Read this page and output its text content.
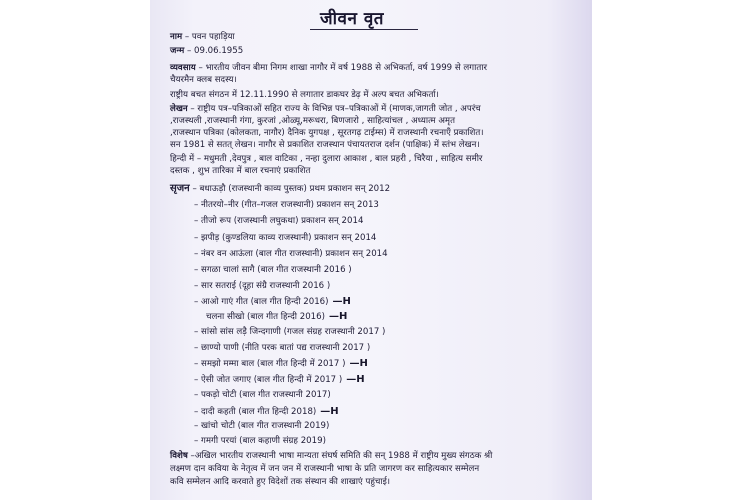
जीवन वृत
नाम – पवन पहाड़िया
जन्म – 09.06.1955
व्यवसाय – भारतीय जीवन बीमा निगम शाखा नागौर में वर्ष 1988 से अभिकर्ता, वर्ष 1999 से लगातार
चैयरमैन क्लब सदस्य।
राष्ट्रीय बचत संगठन में 12.11.1990 से लगातार डाकघर डेढ़ में अल्प बचत अभिकर्ता।
लेखन – राष्ट्रीय पत्र–पत्रिकाओं सहित राज्य के विभिन्न पत्र–पत्रिकाओं में (माणक,जागती जोत , अपरंच
,राजस्थली ,राजस्थानी गंगा, कुरजां ,ओळ्यू,मरूधरा, बिणजारो , साहित्यांचल , अध्यात्म अमृत
,राजस्थान पत्रिका (कोलकता, नागौर) दैनिक युगपक्ष , सूरतगढ़ टाईम्स) में राजस्थानी रचनाएँ प्रकाशित।
सन 1981 से सतत् लेखन। नागौर से प्रकाशित राजस्थान पंचायतराज दर्शन (पाक्षिक) में स्तंभ लेखन।
हिन्दी में – मधुमती ,देवपुत्र , बाल वाटिका , नन्हा दुलारा आकाश , बाल प्रहरी , चिरैया , साहित्य समीर
दस्तक , शुभ तारिका में बाल रचनाएं प्रकाशित
सृजन – बधाऊड़ौ (राजस्थानी काव्य पुस्तक) प्रथम प्रकाशन सन् 2012
– नीतरयो–नीर (गीत–गजल राजस्थानी) प्रकाशन सन् 2013
– तीजो रूप (राजस्थानी लघुकथा) प्रकाशन सन् 2014
– झपीड़ (कुण्डलिया काव्य राजस्थानी) प्रकाशन सन् 2014
– नंबर वन आऊंला (बाल गीत राजस्थानी) प्रकाशन सन् 2014
– सगळा चालां सागै (बाल गीत राजस्थानी 2016 )
– सार सतराई (दूहा संग्रै राजस्थानी 2016 )
– आओ गाएं गीत (बाल गीत हिन्दी 2016) —H
चलना सीखो (बाल गीत हिन्दी 2016) —H
– सांसो सांस लड़ै जिन्दगाणी (गजल संग्रह राजस्थानी 2017 )
– छाण्यो पाणी (नीति परक बातां पद्य राजस्थानी 2017 )
– समझो मम्मा बाल (बाल गीत हिन्दी में 2017 ) —H
– ऐसी जोत जगाए (बाल गीत हिन्दी में 2017 ) —H
– पकड़ो चोटी (बाल गीत राजस्थानी 2017)
– दादी कहती (बाल गीत हिन्दी 2018) —H
– खांचो चोटी (बाल गीत राजस्थानी 2019)
– गमगी परयां (बाल कहाणी संग्रह 2019)
विशेष –अखिल भारतीय राजस्थानी भाषा मान्यता संघर्ष समिति की सन् 1988 में राष्ट्रीय मुख्य संगठक श्री
लक्ष्मण दान कविया के नेतृत्व में जन जन में राजस्थानी भाषा के प्रति जागरण कर साहित्यकार सम्मेलन
कवि सम्मेलन आदि करवाते हुए विदेशों तक संस्थान की शाखाएं पहुंचाई।
